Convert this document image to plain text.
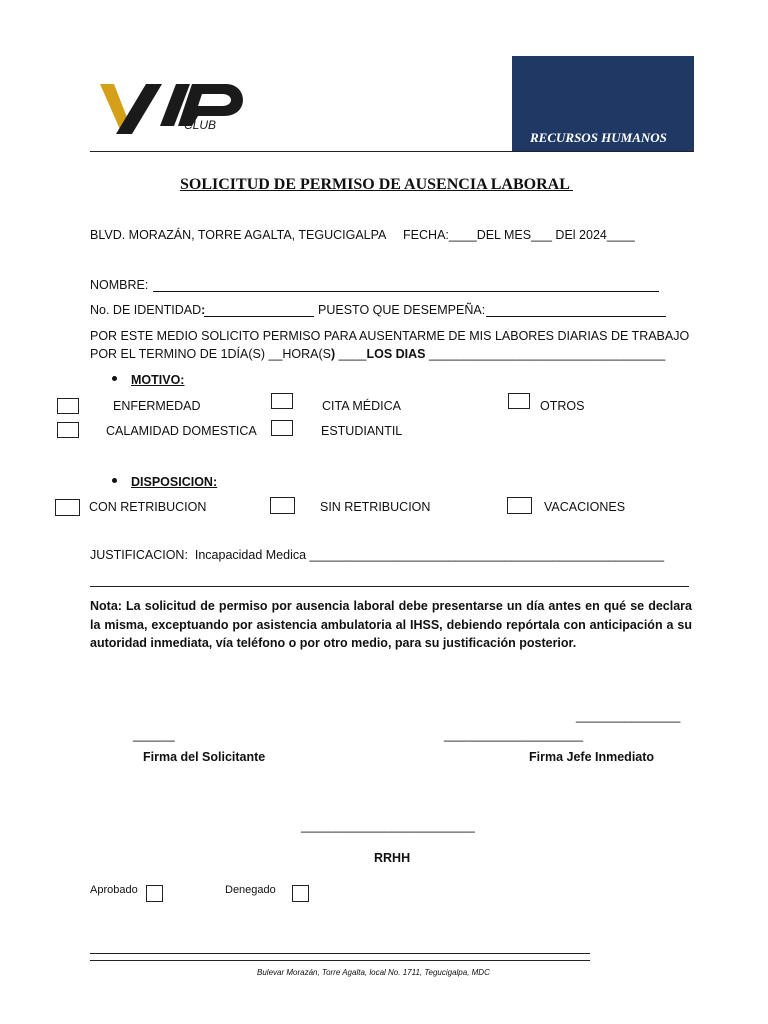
CLUB
RECURSOS HUMANOS
SOLICITUD DE PERMISO DE AUSENCIA LABORAL
BLVD. MORAZÁN, TORRE AGALTA, TEGUCIGALPA     FECHA:____DEL MES___ DEl 2024____
NOMBRE:
No. DE IDENTIDAD:	PUESTO QUE DESEMPEÑA:
POR ESTE MEDIO SOLICITO PERMISO PARA AUSENTARME DE MIS LABORES DIARIAS DE TRABAJO
POR EL TERMINO DE 1DÍA(S) __HORA(S) ____LOS DIAS __________________________________
MOTIVO:
ENFERMEDAD	CITA MÉDICA	OTROS
CALAMIDAD DOMESTICA	ESTUDIANTIL
DISPOSICION:
CON RETRIBUCION	SIN RETRIBUCION	VACACIONES
JUSTIFICACION:  Incapacidad Medica ___________________________________________________
Nota: La solicitud de permiso por ausencia laboral debe presentarse un día antes en qué se declara la misma, exceptuando por asistencia ambulatoria al IHSS, debiendo repórtala con anticipación a su autoridad inmediata, vía teléfono o por otro medio, para su justificación posterior.
_______________
______	____________________
Firma del Solicitante	Firma Jefe Inmediato
_________________________
RRHH
Aprobado	Denegado
Bulevar Morazán, Torre Agalta, local No. 1711, Tegucigalpa, MDC
